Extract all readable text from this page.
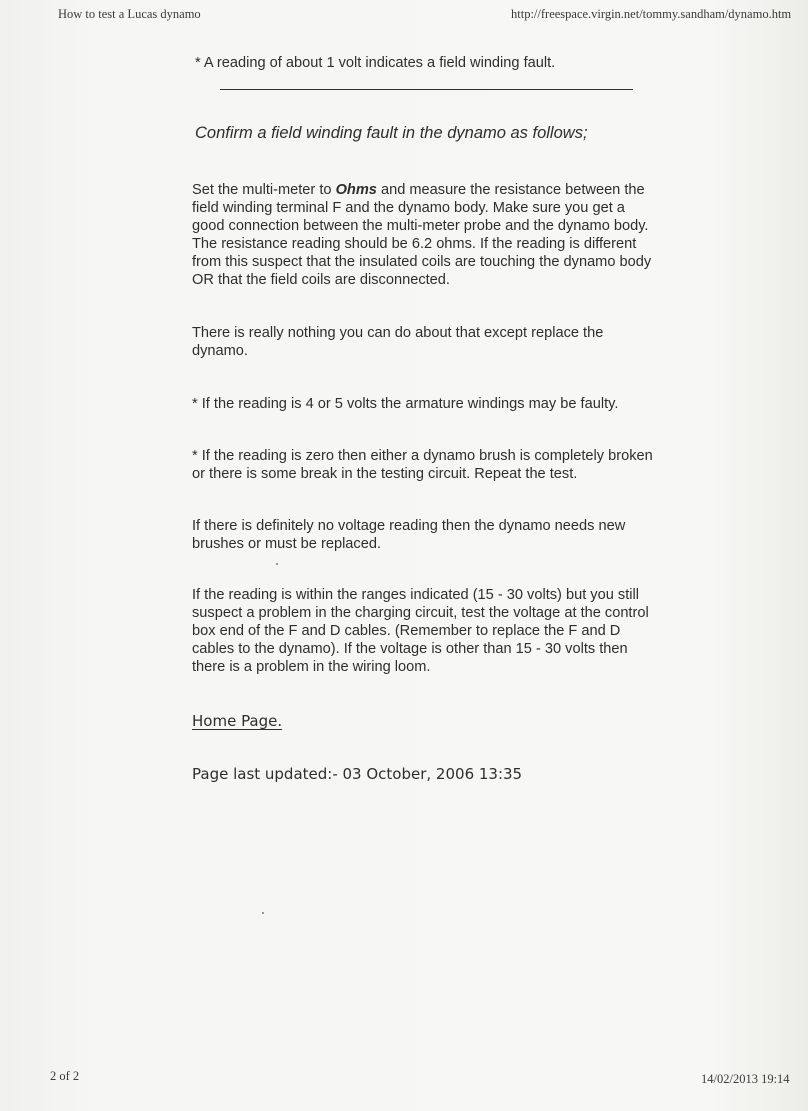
How to test a Lucas dynamo	http://freespace.virgin.net/tommy.sandham/dynamo.htm
* A reading of about 1 volt indicates a field winding fault.
Confirm a field winding fault in the dynamo as follows;
Set the multi-meter to Ohms and measure the resistance between the
field winding terminal F and the dynamo body. Make sure you get a
good connection between the multi-meter probe and the dynamo body.
The resistance reading should be 6.2 ohms. If the reading is different
from this suspect that the insulated coils are touching the dynamo body
OR that the field coils are disconnected.
There is really nothing you can do about that except replace the
dynamo.
* If the reading is 4 or 5 volts the armature windings may be faulty.
* If the reading is zero then either a dynamo brush is completely broken
or there is some break in the testing circuit. Repeat the test.
If there is definitely no voltage reading then the dynamo needs new
brushes or must be replaced.
If the reading is within the ranges indicated (15 - 30 volts) but you still
suspect a problem in the charging circuit, test the voltage at the control
box end of the F and D cables. (Remember to replace the F and D
cables to the dynamo). If the voltage is other than 15 - 30 volts then
there is a problem in the wiring loom.
Home Page.
Page last updated:- 03 October, 2006 13:35
2 of 2	14/02/2013 19:14
